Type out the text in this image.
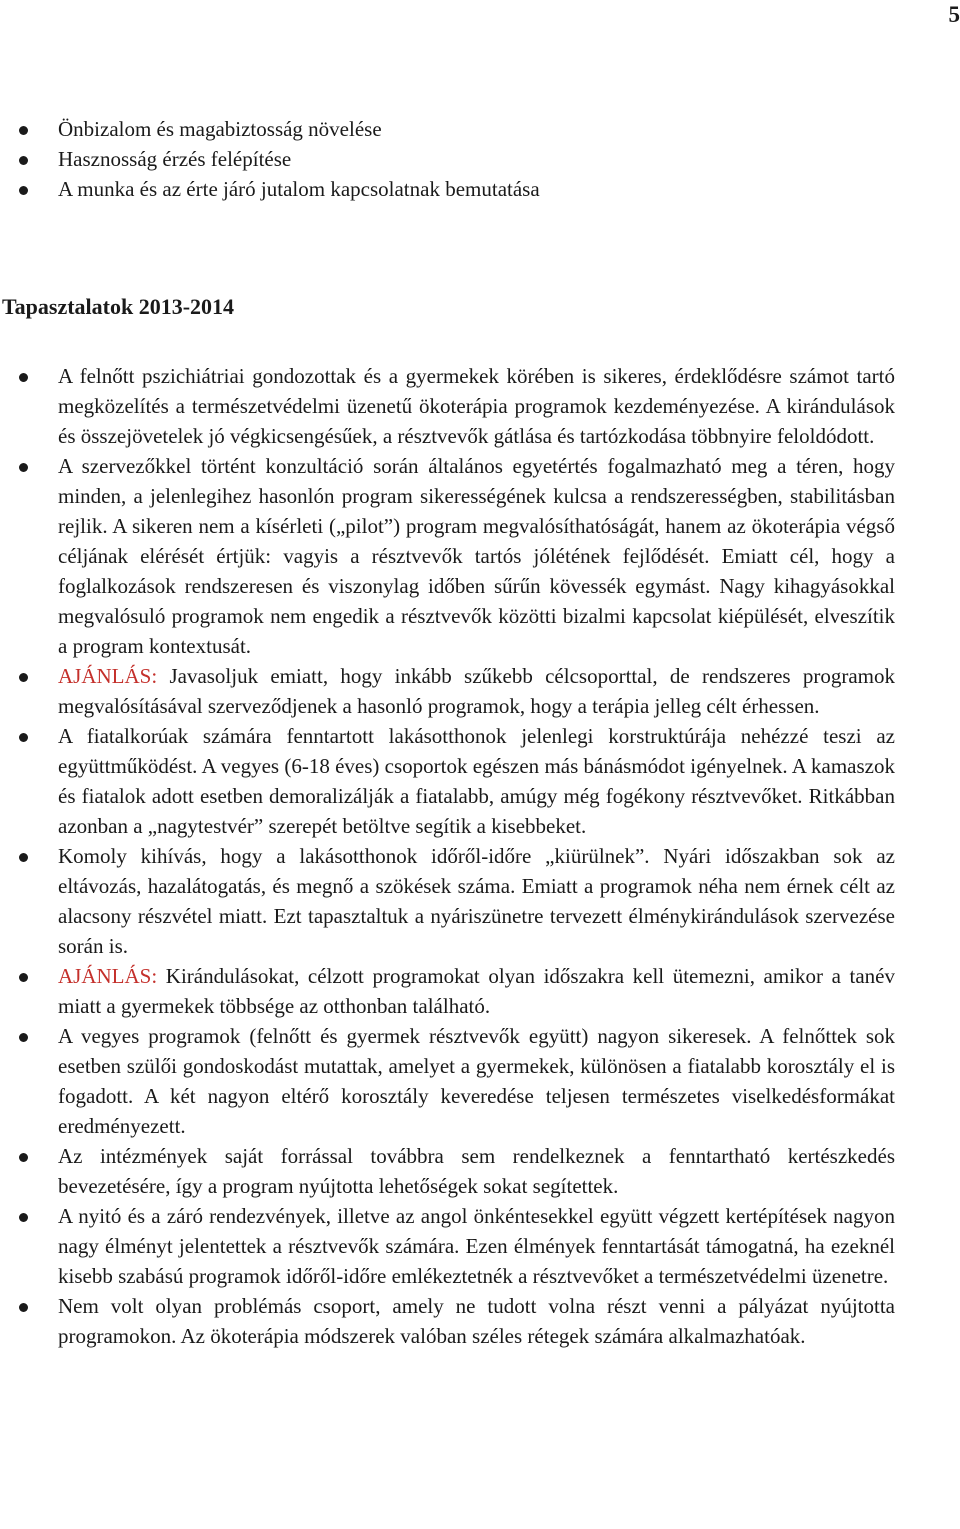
5
Önbizalom és magabiztosság növelése
Hasznosság érzés felépítése
A munka és az érte járó jutalom kapcsolatnak bemutatása
Tapasztalatok 2013-2014
A felnőtt pszichiátriai gondozottak és a gyermekek körében is sikeres, érdeklődésre számot tartó megközelítés a természetvédelmi üzenetű ökoterápia programok kezdeményezése. A kirándulások és összejövetelek jó végkicsengésűek, a résztvevők gátlása és tartózkodása többnyire feloldódott.
A szervezőkkel történt konzultáció során általános egyetértés fogalmazható meg a téren, hogy minden, a jelenlegihez hasonlón program sikerességének kulcsa a rendszerességben, stabilitásban rejlik. A sikeren nem a kísérleti („pilot”) program megvalósíthatóságát, hanem az ökoterápia végső céljának elérését értjük: vagyis a résztvevők tartós jólétének fejlődését. Emiatt cél, hogy a foglalkozások rendszeresen és viszonylag időben sűrűn kövessék egymást. Nagy kihagyásokkal megvalósuló programok nem engedik a résztvevők közötti bizalmi kapcsolat kiépülését, elveszítik a program kontextusát.
AJÁNLÁS: Javasoljuk emiatt, hogy inkább szűkebb célcsoporttal, de rendszeres programok megvalósításával szerveződjenek a hasonló programok, hogy a terápia jelleg célt érhessen.
A fiatalkorúak számára fenntartott lakásotthonok jelenlegi korstruktúrája nehézzé teszi az együttműködést. A vegyes (6-18 éves) csoportok egészen más bánásmódot igényelnek. A kamaszok és fiatalok adott esetben demoralizálják a fiatalabb, amúgy még fogékony résztvevőket. Ritkábban azonban a „nagytestvér” szerepét betöltve segítik a kisebbeket.
Komoly kihívás, hogy a lakásotthonok időről-időre „kiürülnek”. Nyári időszakban sok az eltávozás, hazalátogatás, és megnő a szökések száma. Emiatt a programok néha nem érnek célt az alacsony részvétel miatt. Ezt tapasztaltuk a nyáriszünetre tervezett élménykirándulások szervezése során is.
AJÁNLÁS: Kirándulásokat, célzott programokat olyan időszakra kell ütemezni, amikor a tanév miatt a gyermekek többsége az otthonban található.
A vegyes programok (felnőtt és gyermek résztvevők együtt) nagyon sikeresek. A felnőttek sok esetben szülői gondoskodást mutattak, amelyet a gyermekek, különösen a fiatalabb korosztály el is fogadott. A két nagyon eltérő korosztály keveredése teljesen természetes viselkedésformákat eredményezett.
Az intézmények saját forrással továbbra sem rendelkeznek a fenntartható kertészkedés bevezetésére, így a program nyújtotta lehetőségek sokat segítettek.
A nyitó és a záró rendezvények, illetve az angol önkéntesekkel együtt végzett kertépítések nagyon nagy élményt jelentettek a résztvevők számára. Ezen élmények fenntartását támogatná, ha ezeknél kisebb szabású programok időről-időre emlékeztetnék a résztvevőket a természetvédelmi üzenetre.
Nem volt olyan problémás csoport, amely ne tudott volna részt venni a pályázat nyújtotta programokon. Az ökoterápia módszerek valóban széles rétegek számára alkalmazhatóak.
